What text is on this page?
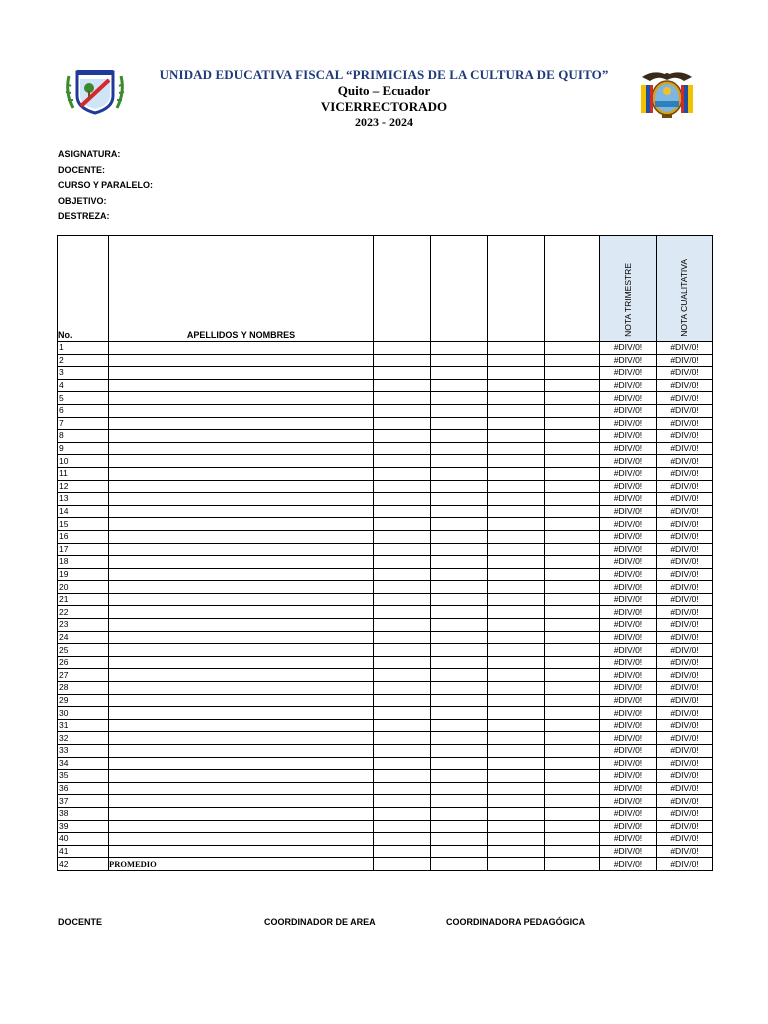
UNIDAD EDUCATIVA FISCAL “PRIMICIAS DE LA CULTURA DE QUITO”
Quito – Ecuador
VICERRECTORADO
2023 - 2024
ASIGNATURA:
DOCENTE:
CURSO Y PARALELO:
OBJETIVO:
DESTREZA:
No.	APELLIDOS Y NOMBRES					NOTA TRIMESTRE	NOTA CUALITATIVA

1						#DIV/0!	#DIV/0!
2						#DIV/0!	#DIV/0!
3						#DIV/0!	#DIV/0!
4						#DIV/0!	#DIV/0!
5						#DIV/0!	#DIV/0!
6						#DIV/0!	#DIV/0!
7						#DIV/0!	#DIV/0!
8						#DIV/0!	#DIV/0!
9						#DIV/0!	#DIV/0!
10						#DIV/0!	#DIV/0!
11						#DIV/0!	#DIV/0!
12						#DIV/0!	#DIV/0!
13						#DIV/0!	#DIV/0!
14						#DIV/0!	#DIV/0!
15						#DIV/0!	#DIV/0!
16						#DIV/0!	#DIV/0!
17						#DIV/0!	#DIV/0!
18						#DIV/0!	#DIV/0!
19						#DIV/0!	#DIV/0!
20						#DIV/0!	#DIV/0!
21						#DIV/0!	#DIV/0!
22						#DIV/0!	#DIV/0!
23						#DIV/0!	#DIV/0!
24						#DIV/0!	#DIV/0!
25						#DIV/0!	#DIV/0!
26						#DIV/0!	#DIV/0!
27						#DIV/0!	#DIV/0!
28						#DIV/0!	#DIV/0!
29						#DIV/0!	#DIV/0!
30						#DIV/0!	#DIV/0!
31						#DIV/0!	#DIV/0!
32						#DIV/0!	#DIV/0!
33						#DIV/0!	#DIV/0!
34						#DIV/0!	#DIV/0!
35						#DIV/0!	#DIV/0!
36						#DIV/0!	#DIV/0!
37						#DIV/0!	#DIV/0!
38						#DIV/0!	#DIV/0!
39						#DIV/0!	#DIV/0!
40						#DIV/0!	#DIV/0!
41						#DIV/0!	#DIV/0!
42	PROMEDIO					#DIV/0!	#DIV/0!
DOCENTE	COORDINADOR DE AREA	COORDINADORA PEDAGÓGICA
